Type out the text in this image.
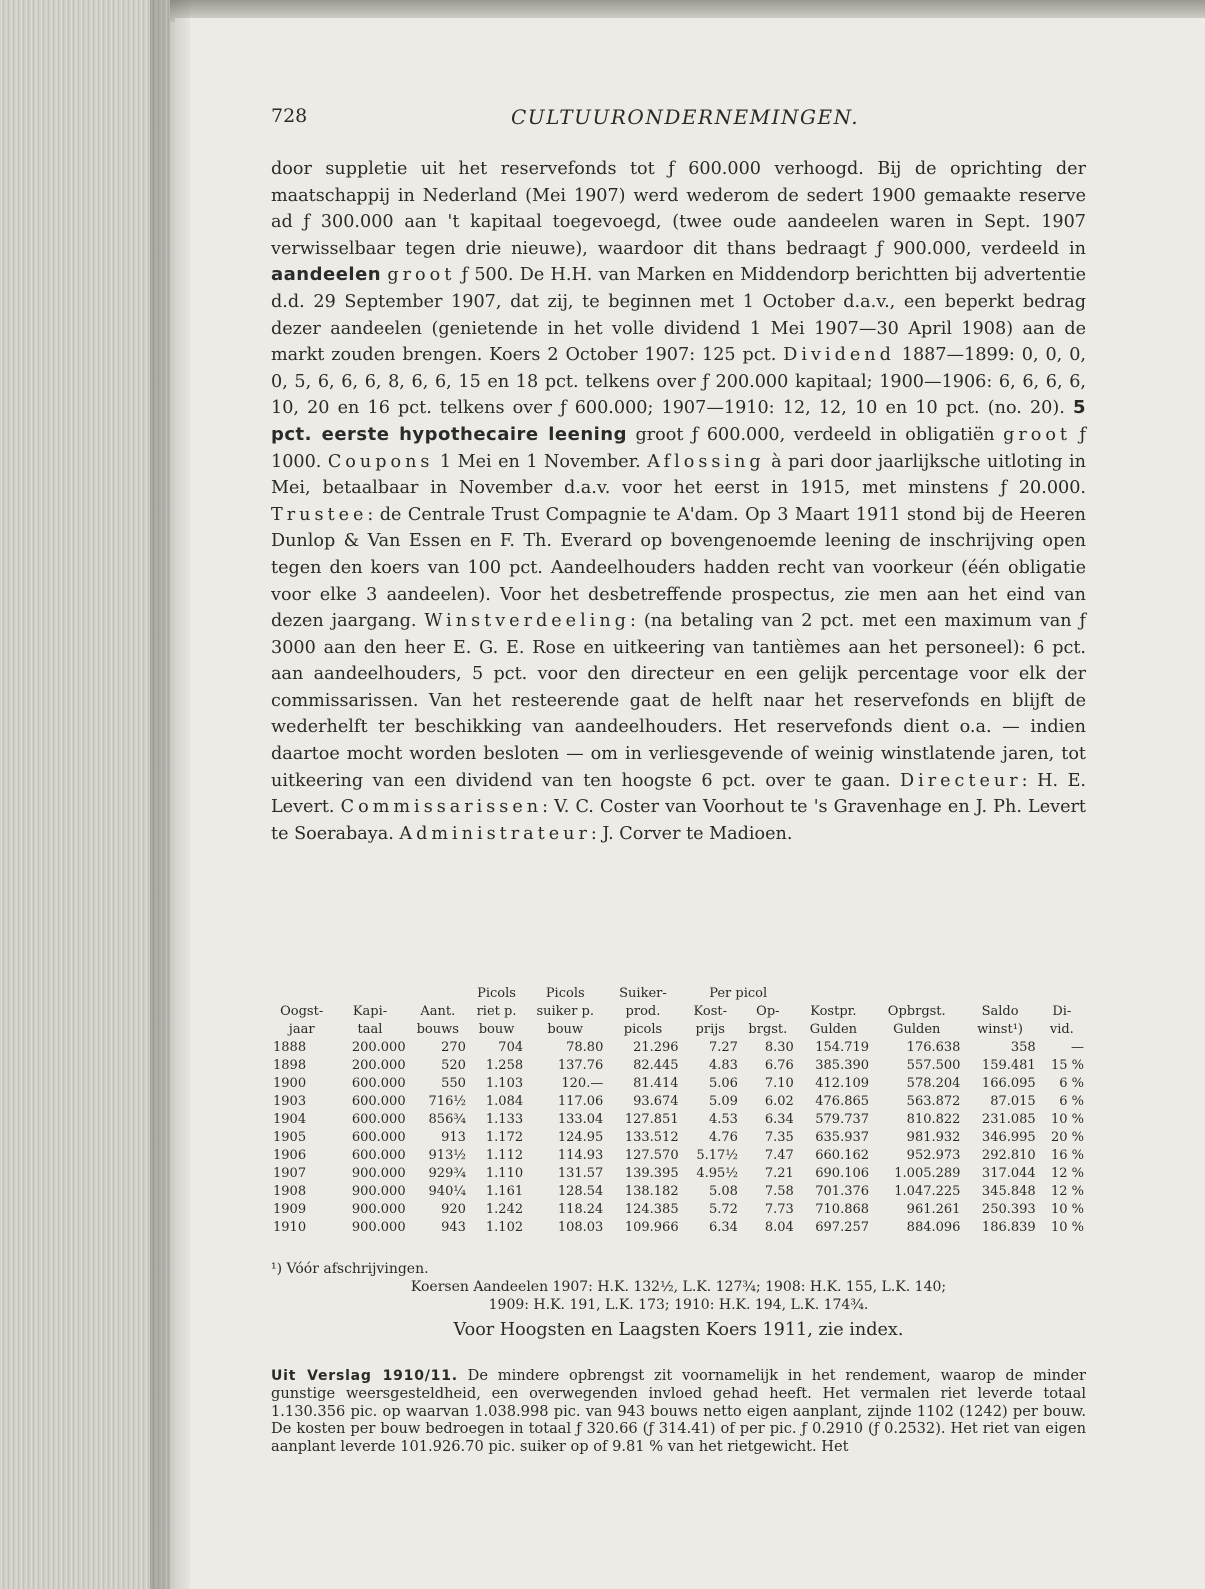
728	CULTUURONDERNEMINGEN.

door suppletie uit het reservefonds tot ƒ 600.000 verhoogd. Bij de oprichting der maatschappij in Nederland (Mei 1907) werd wederom de sedert 1900 gemaakte reserve ad ƒ 300.000 aan 't kapitaal toegevoegd, (twee oude aandeelen waren in Sept. 1907 verwisselbaar tegen drie nieuwe), waardoor dit thans bedraagt ƒ 900.000, verdeeld in aandeelen groot ƒ 500. De H.H. van Marken en Middendorp berichtten bij advertentie d.d. 29 September 1907, dat zij, te beginnen met 1 October d.a.v., een beperkt bedrag dezer aandeelen (genietende in het volle dividend 1 Mei 1907—30 April 1908) aan de markt zouden brengen. Koers 2 October 1907: 125 pct. Dividend 1887—1899: 0, 0, 0, 0, 5, 6, 6, 6, 8, 6, 6, 15 en 18 pct. telkens over ƒ 200.000 kapitaal; 1900—1906: 6, 6, 6, 6, 10, 20 en 16 pct. telkens over ƒ 600.000; 1907—1910: 12, 12, 10 en 10 pct. (no. 20). 5 pct. eerste hypothecaire leening groot ƒ 600.000, verdeeld in obligatiën groot ƒ 1000. Coupons 1 Mei en 1 November. Aflossing à pari door jaarlijksche uitloting in Mei, betaalbaar in November d.a.v. voor het eerst in 1915, met minstens ƒ 20.000. Trustee: de Centrale Trust Compagnie te A'dam. Op 3 Maart 1911 stond bij de Heeren Dunlop & Van Essen en F. Th. Everard op bovengenoemde leening de inschrijving open tegen den koers van 100 pct. Aandeelhouders hadden recht van voorkeur (één obligatie voor elke 3 aandeelen). Voor het desbetreffende prospectus, zie men aan het eind van dezen jaargang. Winstverdeeling: (na betaling van 2 pct. met een maximum van ƒ 3000 aan den heer E. G. E. Rose en uitkeering van tantièmes aan het personeel): 6 pct. aan aandeelhouders, 5 pct. voor den directeur en een gelijk percentage voor elk der commissarissen. Van het resteerende gaat de helft naar het reservefonds en blijft de wederhelft ter beschikking van aandeelhouders. Het reservefonds dient o.a. — indien daartoe mocht worden besloten — om in verliesgevende of weinig winstlatende jaren, tot uitkeering van een dividend van ten hoogste 6 pct. over te gaan. Directeur: H. E. Levert. Commissarissen: V. C. Coster van Voorhout te 's Gravenhage en J. Ph. Levert te Soerabaya. Administrateur: J. Corver te Madioen.

			Picols	Picols	Suiker-	Per picol					
Oogst-	Kapi-	Aant.	riet p.	suiker p.	prod.	Kost-	Op-	Kostpr.	Opbrgst.	Saldo	Di-
jaar	taal	bouws	bouw	bouw	picols	prijs	brgst.	Gulden	Gulden	winst¹)	vid.
1888	200.000	270	704	78.80	21.296	7.27	8.30	154.719	176.638	358	—
1898	200.000	520	1.258	137.76	82.445	4.83	6.76	385.390	557.500	159.481	15 %
1900	600.000	550	1.103	120.—	81.414	5.06	7.10	412.109	578.204	166.095	6 %
1903	600.000	716½	1.084	117.06	93.674	5.09	6.02	476.865	563.872	87.015	6 %
1904	600.000	856¾	1.133	133.04	127.851	4.53	6.34	579.737	810.822	231.085	10 %
1905	600.000	913	1.172	124.95	133.512	4.76	7.35	635.937	981.932	346.995	20 %
1906	600.000	913½	1.112	114.93	127.570	5.17½	7.47	660.162	952.973	292.810	16 %
1907	900.000	929¾	1.110	131.57	139.395	4.95½	7.21	690.106	1.005.289	317.044	12 %
1908	900.000	940¼	1.161	128.54	138.182	5.08	7.58	701.376	1.047.225	345.848	12 %
1909	900.000	920	1.242	118.24	124.385	5.72	7.73	710.868	961.261	250.393	10 %
1910	900.000	943	1.102	108.03	109.966	6.34	8.04	697.257	884.096	186.839	10 %
¹) Vóór afschrijvingen.
Koersen Aandeelen 1907: H.K. 132½, L.K. 127¾; 1908: H.K. 155, L.K. 140;
1909: H.K. 191, L.K. 173; 1910: H.K. 194, L.K. 174¾.
Voor Hoogsten en Laagsten Koers 1911, zie index.

Uit Verslag 1910/11. De mindere opbrengst zit voornamelijk in het rendement, waarop de minder gunstige weersgesteldheid, een overwegenden invloed gehad heeft. Het vermalen riet leverde totaal 1.130.356 pic. op waarvan 1.038.998 pic. van 943 bouws netto eigen aanplant, zijnde 1102 (1242) per bouw. De kosten per bouw bedroegen in totaal ƒ 320.66 (ƒ 314.41) of per pic. ƒ 0.2910 (ƒ 0.2532). Het riet van eigen aanplant leverde 101.926.70 pic. suiker op of 9.81 % van het rietgewicht. Het
